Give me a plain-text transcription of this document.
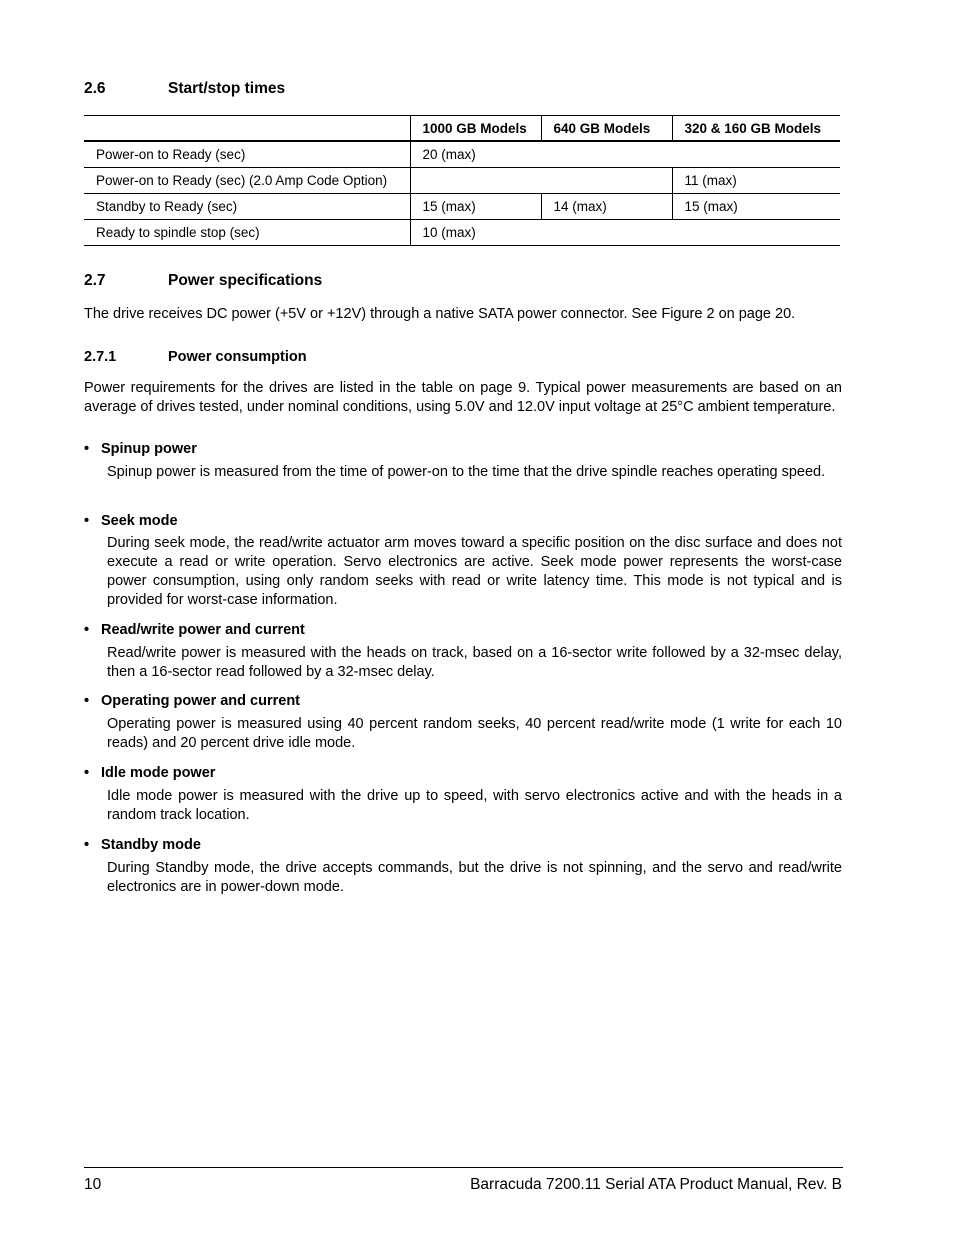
2.6	Start/stop times
	1000 GB Models	640 GB Models	320 & 160 GB Models
Power-on to Ready (sec)	20 (max)		
Power-on to Ready (sec) (2.0 Amp Code Option)			11 (max)
Standby to Ready (sec)	15 (max)	14 (max)	15 (max)
Ready to spindle stop (sec)	10 (max)		
2.7	Power specifications
The drive receives DC power (+5V or +12V) through a native SATA power connector. See Figure 2 on page 20.
2.7.1	Power consumption
Power requirements for the drives are listed in the table on page 9. Typical power measurements are based on an average of drives tested, under nominal conditions, using 5.0V and 12.0V input voltage at 25°C ambient temperature.
• Spinup power
Spinup power is measured from the time of power-on to the time that the drive spindle reaches operating speed.
• Seek mode
During seek mode, the read/write actuator arm moves toward a specific position on the disc surface and does not execute a read or write operation. Servo electronics are active. Seek mode power represents the worst-case power consumption, using only random seeks with read or write latency time. This mode is not typical and is provided for worst-case information.
• Read/write power and current
Read/write power is measured with the heads on track, based on a 16-sector write followed by a 32-msec delay, then a 16-sector read followed by a 32-msec delay.
• Operating power and current
Operating power is measured using 40 percent random seeks, 40 percent read/write mode (1 write for each 10 reads) and 20 percent drive idle mode.
• Idle mode power
Idle mode power is measured with the drive up to speed, with servo electronics active and with the heads in a random track location.
• Standby mode
During Standby mode, the drive accepts commands, but the drive is not spinning, and the servo and read/write electronics are in power-down mode.
10	Barracuda 7200.11 Serial ATA Product Manual, Rev. B
